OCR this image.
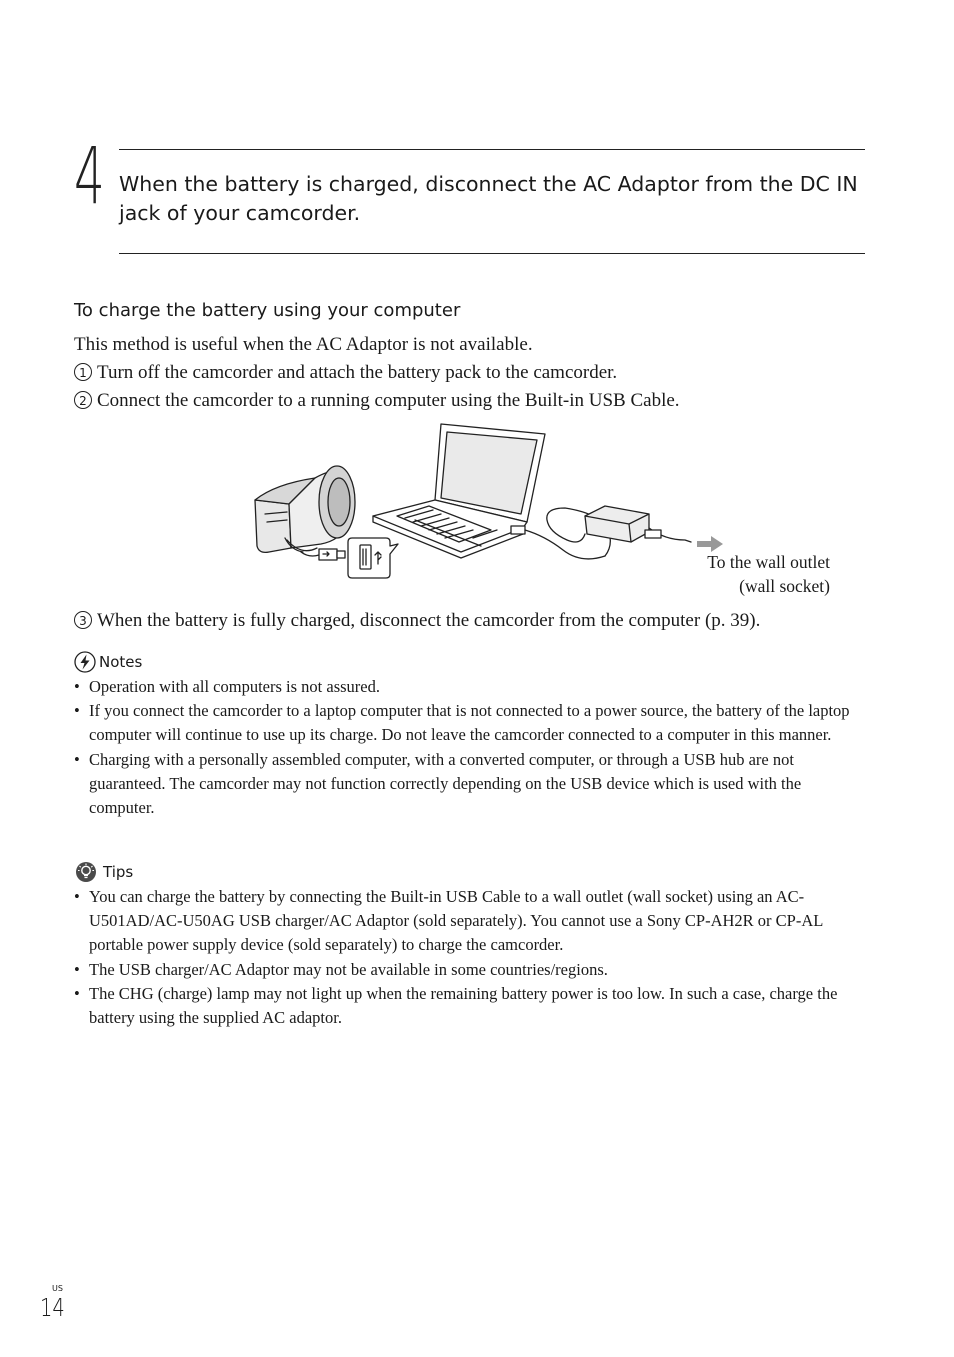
4 When the battery is charged, disconnect the AC Adaptor from the DC IN jack of your camcorder.
To charge the battery using your computer
This method is useful when the AC Adaptor is not available.
1 Turn off the camcorder and attach the battery pack to the camcorder.
2 Connect the camcorder to a running computer using the Built-in USB Cable.
To the wall outlet
(wall socket)
3 When the battery is fully charged, disconnect the camcorder from the computer (p. 39).
Notes
• Operation with all computers is not assured.
• If you connect the camcorder to a laptop computer that is not connected to a power source, the battery of the laptop computer will continue to use up its charge. Do not leave the camcorder connected to a computer in this manner.
• Charging with a personally assembled computer, with a converted computer, or through a USB hub are not guaranteed. The camcorder may not function correctly depending on the USB device which is used with the computer.
Tips
• You can charge the battery by connecting the Built-in USB Cable to a wall outlet (wall socket) using an AC-U501AD/AC-U50AG USB charger/AC Adaptor (sold separately). You cannot use a Sony CP-AH2R or CP-AL portable power supply device (sold separately) to charge the camcorder.
• The USB charger/AC Adaptor may not be available in some countries/regions.
• The CHG (charge) lamp may not light up when the remaining battery power is too low. In such a case, charge the battery using the supplied AC adaptor.
US
14
